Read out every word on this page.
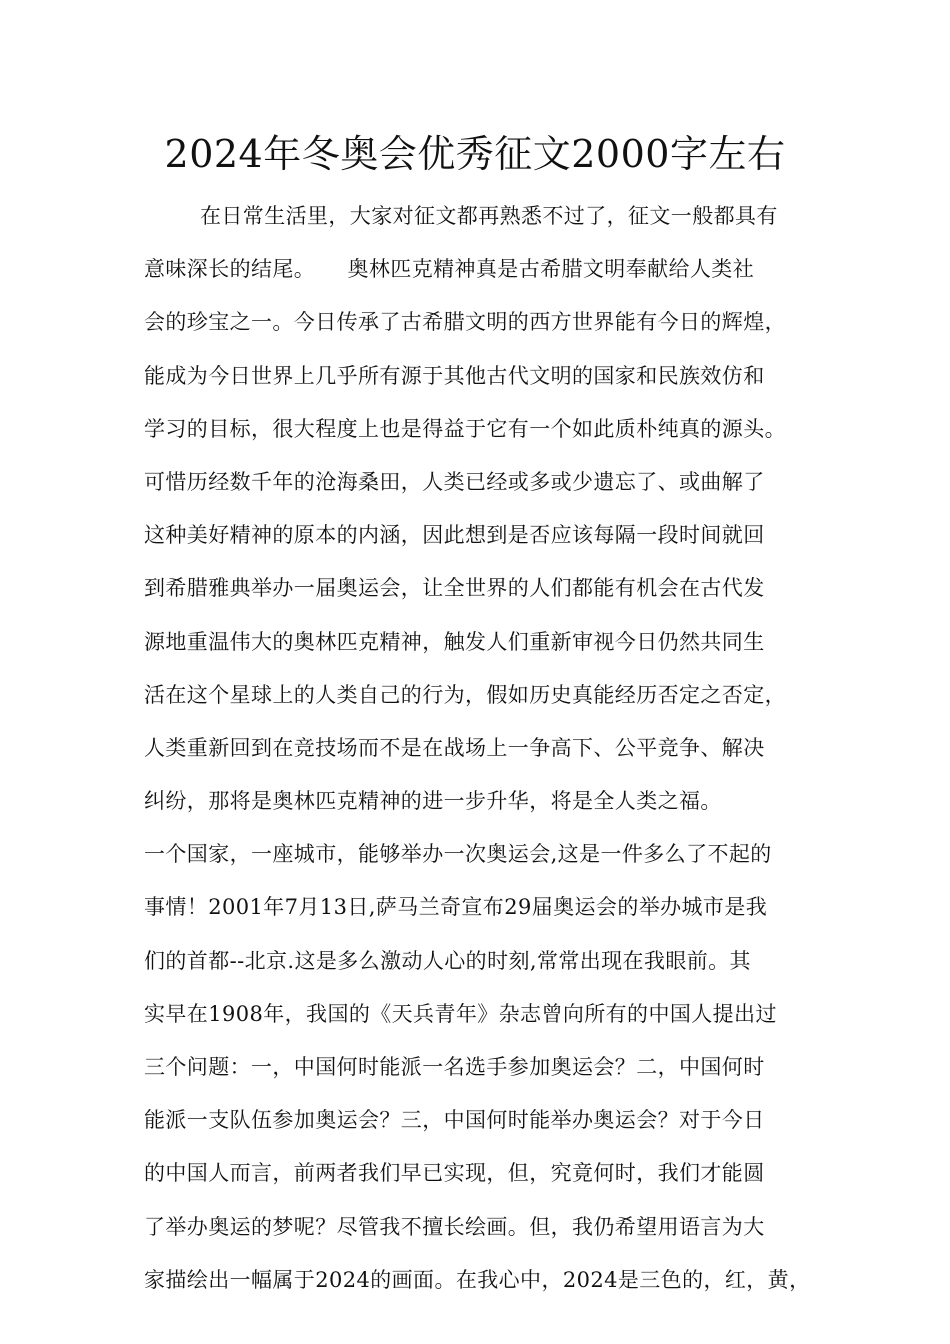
2024年冬奥会优秀征文2000字左右
在日常生活里，大家对征文都再熟悉不过了，征文一般都具有
意味深长的结尾。　　奥林匹克精神真是古希腊文明奉献给人类社
会的珍宝之一。今日传承了古希腊文明的西方世界能有今日的辉煌，
能成为今日世界上几乎所有源于其他古代文明的国家和民族效仿和
学习的目标，很大程度上也是得益于它有一个如此质朴纯真的源头。
可惜历经数千年的沧海桑田，人类已经或多或少遗忘了、或曲解了
这种美好精神的原本的内涵，因此想到是否应该每隔一段时间就回
到希腊雅典举办一届奥运会，让全世界的人们都能有机会在古代发
源地重温伟大的奥林匹克精神，触发人们重新审视今日仍然共同生
活在这个星球上的人类自己的行为，假如历史真能经历否定之否定，
人类重新回到在竞技场而不是在战场上一争高下、公平竞争、解决
纠纷，那将是奥林匹克精神的进一步升华，将是全人类之福。
一个国家，一座城市，能够举办一次奥运会,这是一件多么了不起的
事情！2001年7月13日,萨马兰奇宣布29届奥运会的举办城市是我
们的首都--北京.这是多么激动人心的时刻,常常出现在我眼前。其
实早在1908年，我国的《天兵青年》杂志曾向所有的中国人提出过
三个问题：一，中国何时能派一名选手参加奥运会？二，中国何时
能派一支队伍参加奥运会？三，中国何时能举办奥运会？对于今日
的中国人而言，前两者我们早已实现，但，究竟何时，我们才能圆
了举办奥运的梦呢？尽管我不擅长绘画。但，我仍希望用语言为大
家描绘出一幅属于2024的画面。在我心中，2024是三色的，红，黄，
